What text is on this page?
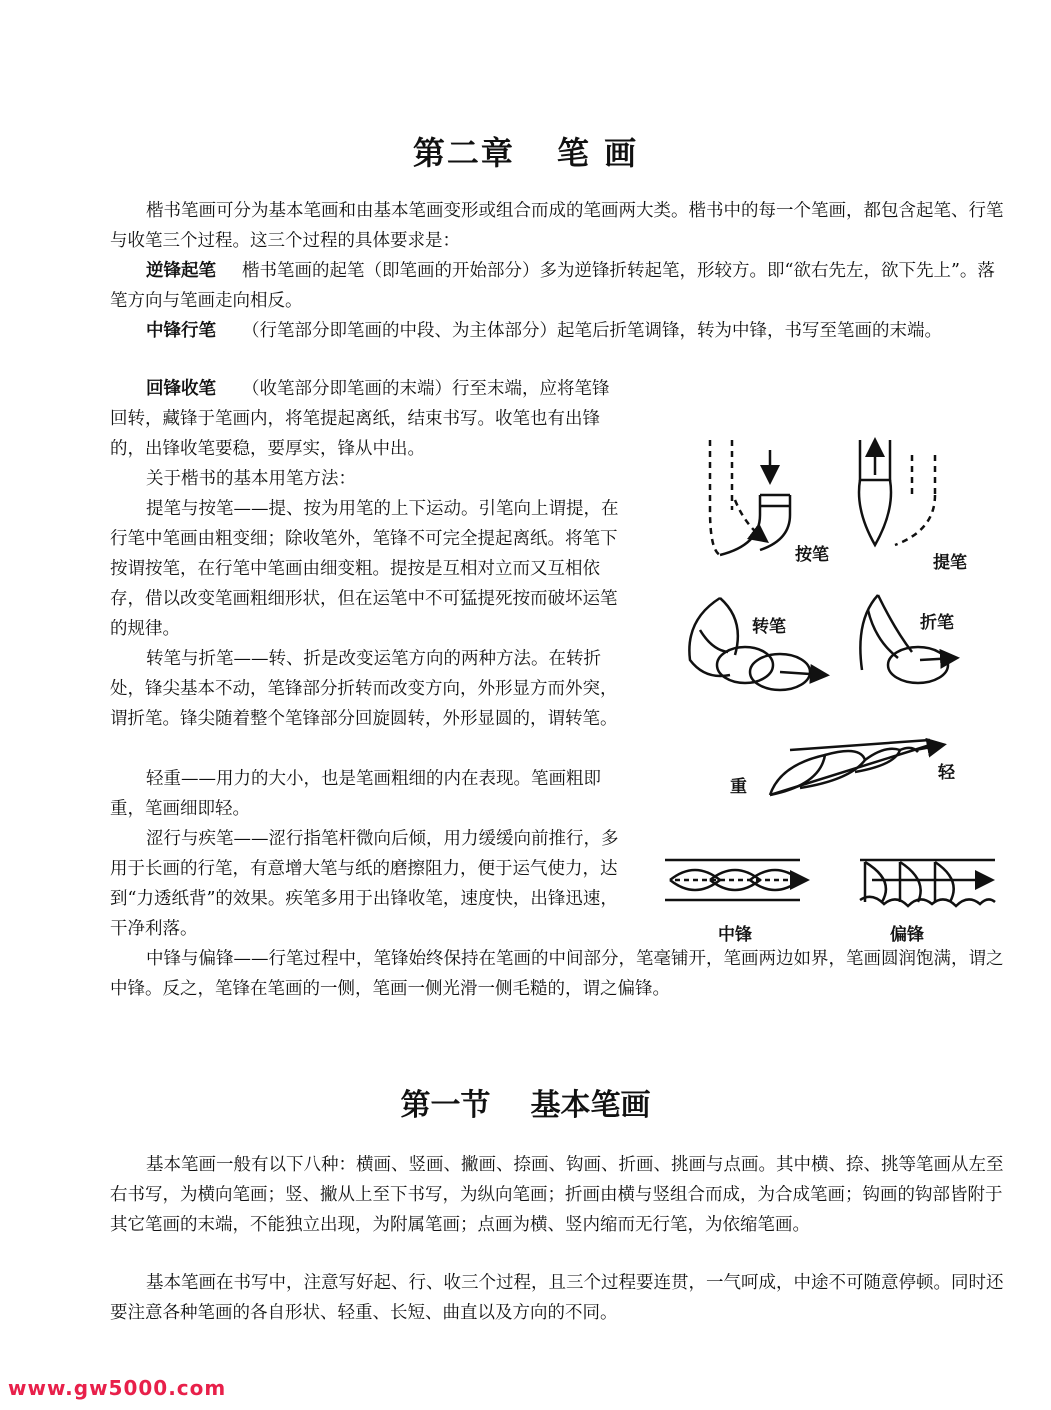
第二章 笔 画

楷书笔画可分为基本笔画和由基本笔画变形或组合而成的笔画两大类。楷书中的每一个笔画，都包含起笔、行笔与收笔三个过程。这三个过程的具体要求是：

逆锋起笔 楷书笔画的起笔（即笔画的开始部分）多为逆锋折转起笔，形较方。即“欲右先左，欲下先上”。落笔方向与笔画走向相反。

中锋行笔 （行笔部分即笔画的中段、为主体部分）起笔后折笔调锋，转为中锋，书写至笔画的末端。

回锋收笔 （收笔部分即笔画的末端）行至末端，应将笔锋回转，藏锋于笔画内，将笔提起离纸，结束书写。收笔也有出锋的，出锋收笔要稳，要厚实，锋从中出。

关于楷书的基本用笔方法：

提笔与按笔——提、按为用笔的上下运动。引笔向上谓提，在行笔中笔画由粗变细；除收笔外，笔锋不可完全提起离纸。将笔下按谓按笔，在行笔中笔画由细变粗。提按是互相对立而又互相依存，借以改变笔画粗细形状，但在运笔中不可猛提死按而破坏运笔的规律。

转笔与折笔——转、折是改变运笔方向的两种方法。在转折处，锋尖基本不动，笔锋部分折转而改变方向，外形显方而外突，谓折笔。锋尖随着整个笔锋部分回旋圆转，外形显圆的，谓转笔。

轻重——用力的大小，也是笔画粗细的内在表现。笔画粗即重，笔画细即轻。

涩行与疾笔——涩行指笔杆微向后倾，用力缓缓向前推行，多用于长画的行笔，有意增大笔与纸的磨擦阻力，便于运气使力，达到“力透纸背”的效果。疾笔多用于出锋收笔，速度快，出锋迅速，干净利落。

中锋与偏锋——行笔过程中，笔锋始终保持在笔画的中间部分，笔毫铺开，笔画两边如界，笔画圆润饱满，谓之中锋。反之，笔锋在笔画的一侧，笔画一侧光滑一侧毛糙的，谓之偏锋。

按笔	提笔
转笔	折笔
重
轻
中锋	偏锋
第一节 基本笔画

基本笔画一般有以下八种：横画、竖画、撇画、捺画、钩画、折画、挑画与点画。其中横、捺、挑等笔画从左至右书写，为横向笔画；竖、撇从上至下书写，为纵向笔画；折画由横与竖组合而成，为合成笔画；钩画的钩部皆附于其它笔画的末端，不能独立出现，为附属笔画；点画为横、竖内缩而无行笔，为依缩笔画。

基本笔画在书写中，注意写好起、行、收三个过程，且三个过程要连贯，一气呵成，中途不可随意停顿。同时还要注意各种笔画的各自形状、轻重、长短、曲直以及方向的不同。

www.gw5000.com
